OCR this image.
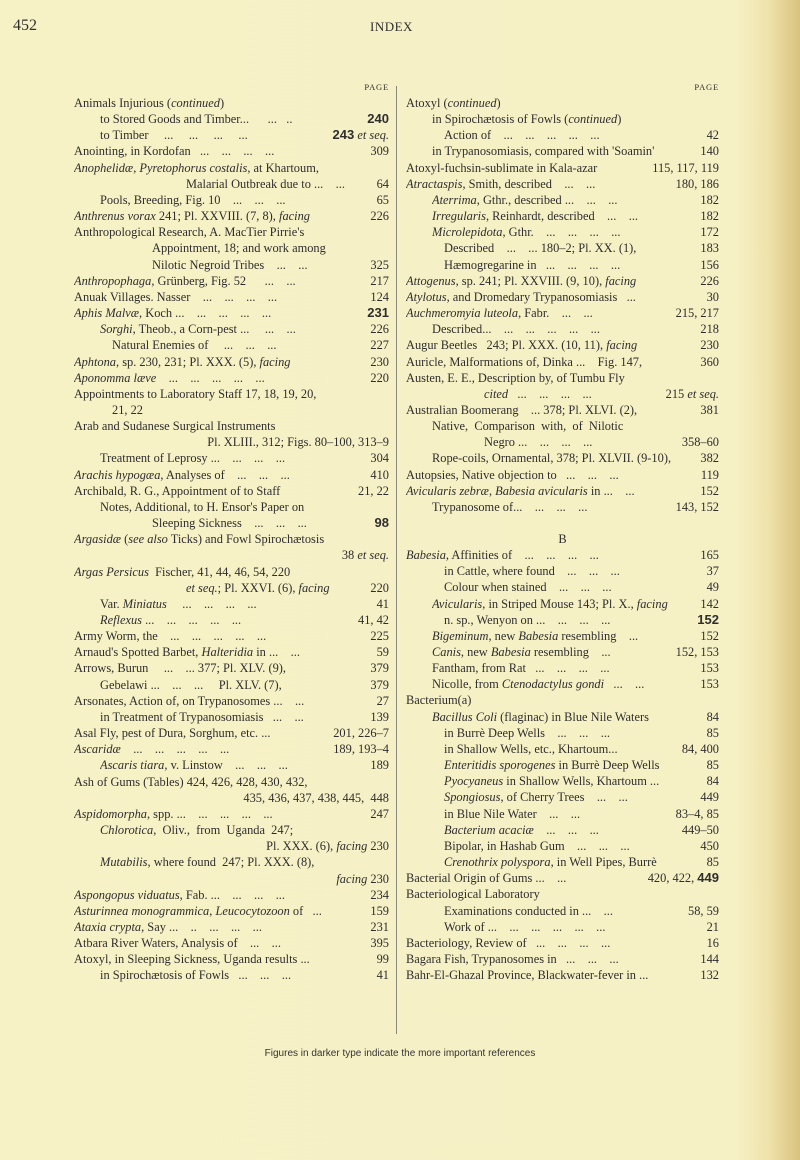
452	INDEX
PAGE
Animals Injurious (continued)
to Stored Goods and Timber...      ...   ..	240
to Timber     ...     ...     ...     ...	243 et seq.
Anointing, in Kordofan   ...    ...    ...    ...	309
Anophelidæ, Pyretophorus costalis, at Khartoum,
Malarial Outbreak due to ...    ...	64
Pools, Breeding, Fig. 10    ...    ...    ...	65
Anthrenus vorax 241; Pl. XXVIII. (7, 8), facing	226
Anthropological Research, A. MacTier Pirrie's
Appointment, 18; and work among
Nilotic Negroid Tribes    ...    ...	325
Anthropophaga, Grünberg, Fig. 52      ...    ...	217
Anuak Villages. Nasser    ...    ...    ...    ...	124
Aphis Malvæ, Koch ...    ...    ...    ...    ...	231
Sorghi, Theob., a Corn-pest ...     ...    ...	226
Natural Enemies of     ...    ...    ...	227
Aphtona, sp. 230, 231; Pl. XXX. (5), facing	230
Aponomma læve    ...    ...    ...    ...    ...	220
Appointments to Laboratory Staff 17, 18, 19, 20,
21, 22
Arab and Sudanese Surgical Instruments
Pl. XLIII., 312; Figs. 80–100, 313–9
Treatment of Leprosy ...    ...    ...    ...	304
Arachis hypogæa, Analyses of    ...    ...    ...	410
Archibald, R. G., Appointment of to Staff	21, 22
Notes, Additional, to H. Ensor's Paper on
Sleeping Sickness    ...    ...    ...	98
Argasidæ (see also Ticks) and Fowl Spirochætosis
38 et seq.
Argas Persicus  Fischer, 41, 44, 46, 54, 220
et seq.; Pl. XXVI. (6), facing	220
Var. Miniatus     ...    ...    ...    ...	41
Reflexus ...    ...    ...    ...    ...	41, 42
Army Worm, the    ...    ...    ...    ...    ...	225
Arnaud's Spotted Barbet, Halteridia in ...    ...	59
Arrows, Burun     ...    ... 377; Pl. XLV. (9),	379
Gebelawi ...    ...    ...     Pl. XLV. (7),	379
Arsonates, Action of, on Trypanosomes ...    ...	27
in Treatment of Trypanosomiasis   ...    ...	139
Asal Fly, pest of Dura, Sorghum, etc. ...	201, 226–7
Ascaridæ    ...    ...    ...    ...    ...	189, 193–4
Ascaris tiara, v. Linstow    ...    ...    ...	189
Ash of Gums (Tables) 424, 426, 428, 430, 432,
435, 436, 437, 438, 445,  448
Aspidomorpha, spp. ...    ...    ...    ...    ...	247
Chlorotica,  Oliv.,  from  Uganda  247;
Pl. XXX. (6), facing 230
Mutabilis, where found  247; Pl. XXX. (8),
facing 230
Aspongopus viduatus, Fab. ...    ...    ...    ...	234
Asturinnea monogrammica, Leucocytozoon of   ...	159
Ataxia crypta, Say ...    ..    ...    ...    ...	231
Atbara River Waters, Analysis of    ...    ...	395
Atoxyl, in Sleeping Sickness, Uganda results ...	99
in Spirochætosis of Fowls   ...    ...    ...	41
PAGE
Atoxyl (continued)
in Spirochætosis of Fowls (continued)
Action of    ...    ...    ...    ...    ...	42
in Trypanosomiasis, compared with 'Soamin'	140
Atoxyl-fuchsin-sublimate in Kala-azar	115, 117, 119
Atractaspis, Smith, described    ...    ...	180, 186
Aterrima, Gthr., described ...    ...    ...	182
Irregularis, Reinhardt, described    ...    ...	182
Microlepidota, Gthr.    ...    ...    ...    ...	172
Described    ...    ... 180–2; Pl. XX. (1),	183
Hæmogregarine in   ...    ...    ...    ...	156
Attogenus, sp. 241; Pl. XXVIII. (9, 10), facing	226
Atylotus, and Dromedary Trypanosomiasis   ...	30
Auchmeromyia luteola, Fabr.    ...    ...	215, 217
Described...    ...    ...    ...    ...    ...	218
Augur Beetles   243; Pl. XXX. (10, 11), facing	230
Auricle, Malformations of, Dinka ...    Fig. 147,	360
Austen, E. E., Description by, of Tumbu Fly
cited   ...    ...    ...    ...	215 et seq.
Australian Boomerang    ... 378; Pl. XLVI. (2),	381
Native,  Comparison  with,  of  Nilotic
Negro ...    ...    ...    ...	358–60
Rope-coils, Ornamental, 378; Pl. XLVII. (9-10),	382
Autopsies, Native objection to   ...    ...    ...	119
Avicularis zebræ, Babesia avicularis in ...    ...	152
Trypanosome of...    ...    ...    ...	143, 152
B
Babesia, Affinities of    ...    ...    ...    ...	165
in Cattle, where found    ...    ...    ...	37
Colour when stained    ...    ...    ...	49
Avicularis, in Striped Mouse 143; Pl. X., facing	142
n. sp., Wenyon on ...    ...    ...    ...	152
Bigeminum, new Babesia resembling    ...	152
Canis, new Babesia resembling    ...	152, 153
Fantham, from Rat   ...    ...    ...    ...	153
Nicolle, from Ctenodactylus gondi   ...    ...	153
Bacterium(a)
Bacillus Coli (flaginac) in Blue Nile Waters	84
in Burrè Deep Wells    ...    ...    ...	85
in Shallow Wells, etc., Khartoum...	84, 400
Enteritidis sporogenes in Burrè Deep Wells	85
Pyocyaneus in Shallow Wells, Khartoum ...	84
Spongiosus, of Cherry Trees    ...    ...	449
in Blue Nile Water    ...    ...	83–4, 85
Bacterium acaciæ    ...    ...    ...	449–50
Bipolar, in Hashab Gum    ...    ...    ...	450
Crenothrix polyspora, in Well Pipes, Burrè	85
Bacterial Origin of Gums ...    ...	420, 422, 449
Bacteriological Laboratory
Examinations conducted in ...    ...	58, 59
Work of ...    ...    ...    ...    ...    ...	21
Bacteriology, Review of   ...    ...    ...    ...	16
Bagara Fish, Trypanosomes in   ...    ...    ...	144
Bahr-El-Ghazal Province, Blackwater-fever in ...	132
Figures in darker type indicate the more important references
